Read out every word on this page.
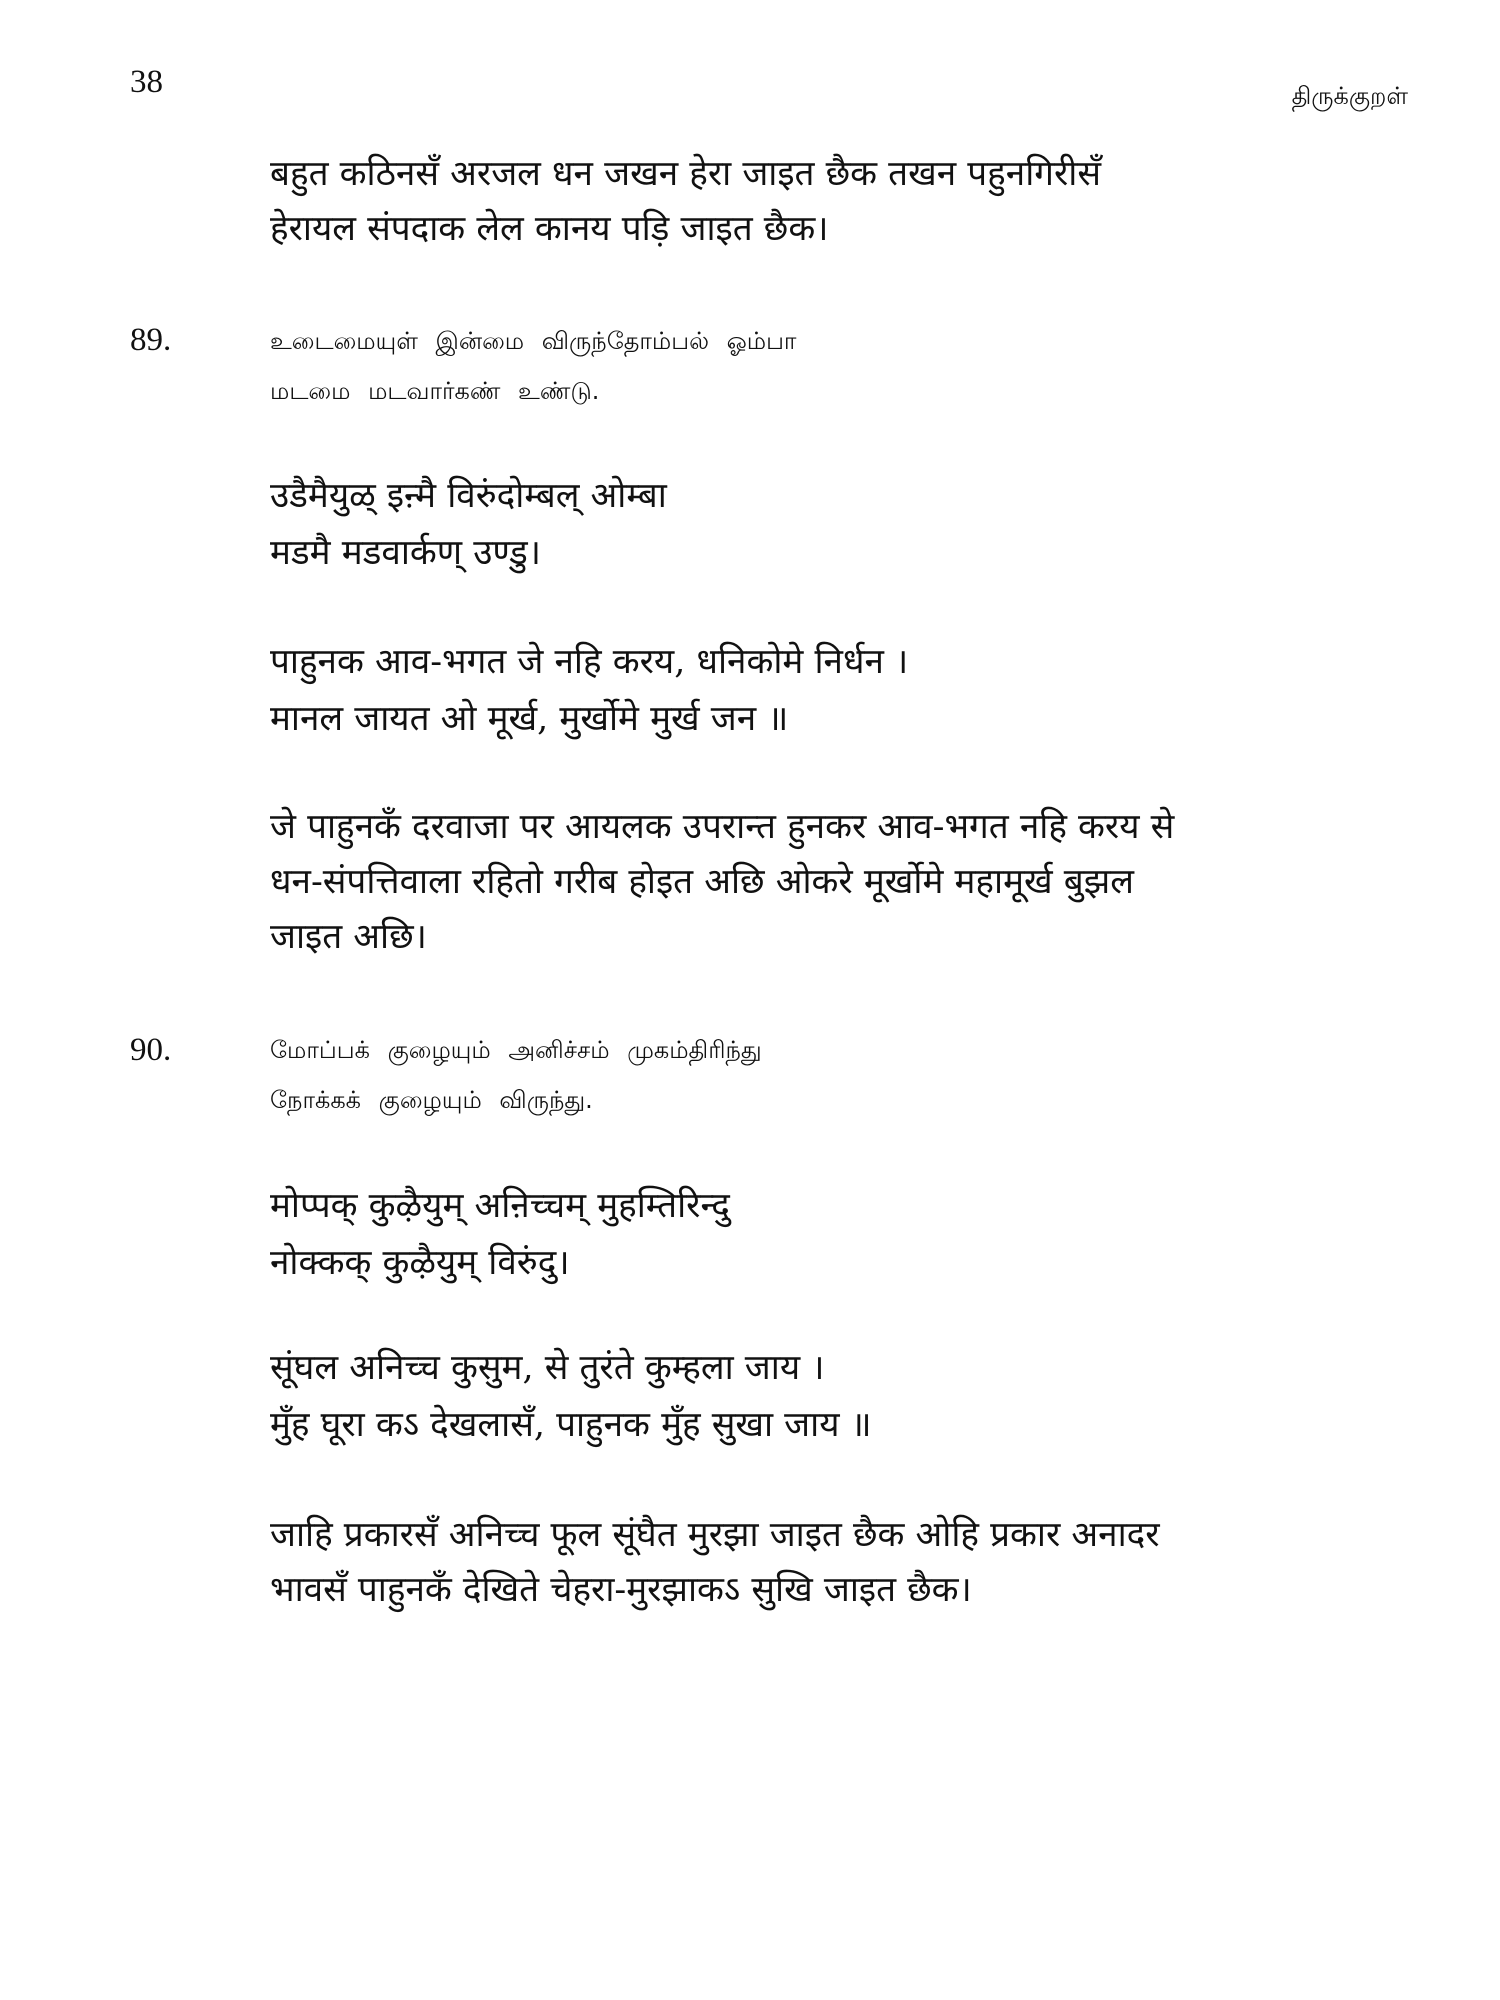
38	திருக்குறள்

बहुत कठिनसँ अरजल धन जखन हेरा जाइत छैक तखन पहुनगिरीसँ
हेरायल संपदाक लेल कानय पड़ि जाइत छैक।

89.	உடைமையுள் இன்மை விருந்தோம்பல் ஓம்பா
மடமை மடவார்கண் உண்டு.

उडैमैयुळ् इऩ्मै विरुंदोम्बल् ओम्बा
मडमै मडवार्कण् उण्डु।

पाहुनक आव-भगत जे नहि करय, धनिकोमे निर्धन ।
मानल जायत ओ मूर्ख, मुर्खोमे मुर्ख जन ॥

जे पाहुनकँ दरवाजा पर आयलक उपरान्त हुनकर आव-भगत नहि करय से
धन-संपत्तिवाला रहितो गरीब होइत अछि ओकरे मूर्खोमे महामूर्ख बुझल
जाइत अछि।

90.	மோப்பக் குழையும் அனிச்சம் முகம்திரிந்து
நோக்கக் குழையும் விருந்து.

मोप्पक् कुऴैयुम् अऩिच्चम् मुहम्तिरिन्दु
नोक्कक् कुऴैयुम् विरुंदु।

सूंघल अनिच्च कुसुम, से तुरंते कुम्हला जाय ।
मुँह घूरा कऽ देखलासँ, पाहुनक मुँह सुखा जाय ॥

जाहि प्रकारसँ अनिच्च फूल सूंघैत मुरझा जाइत छैक ओहि प्रकार अनादर
भावसँ पाहुनकँ देखिते चेहरा-मुरझाकऽ सुखि जाइत छैक।
